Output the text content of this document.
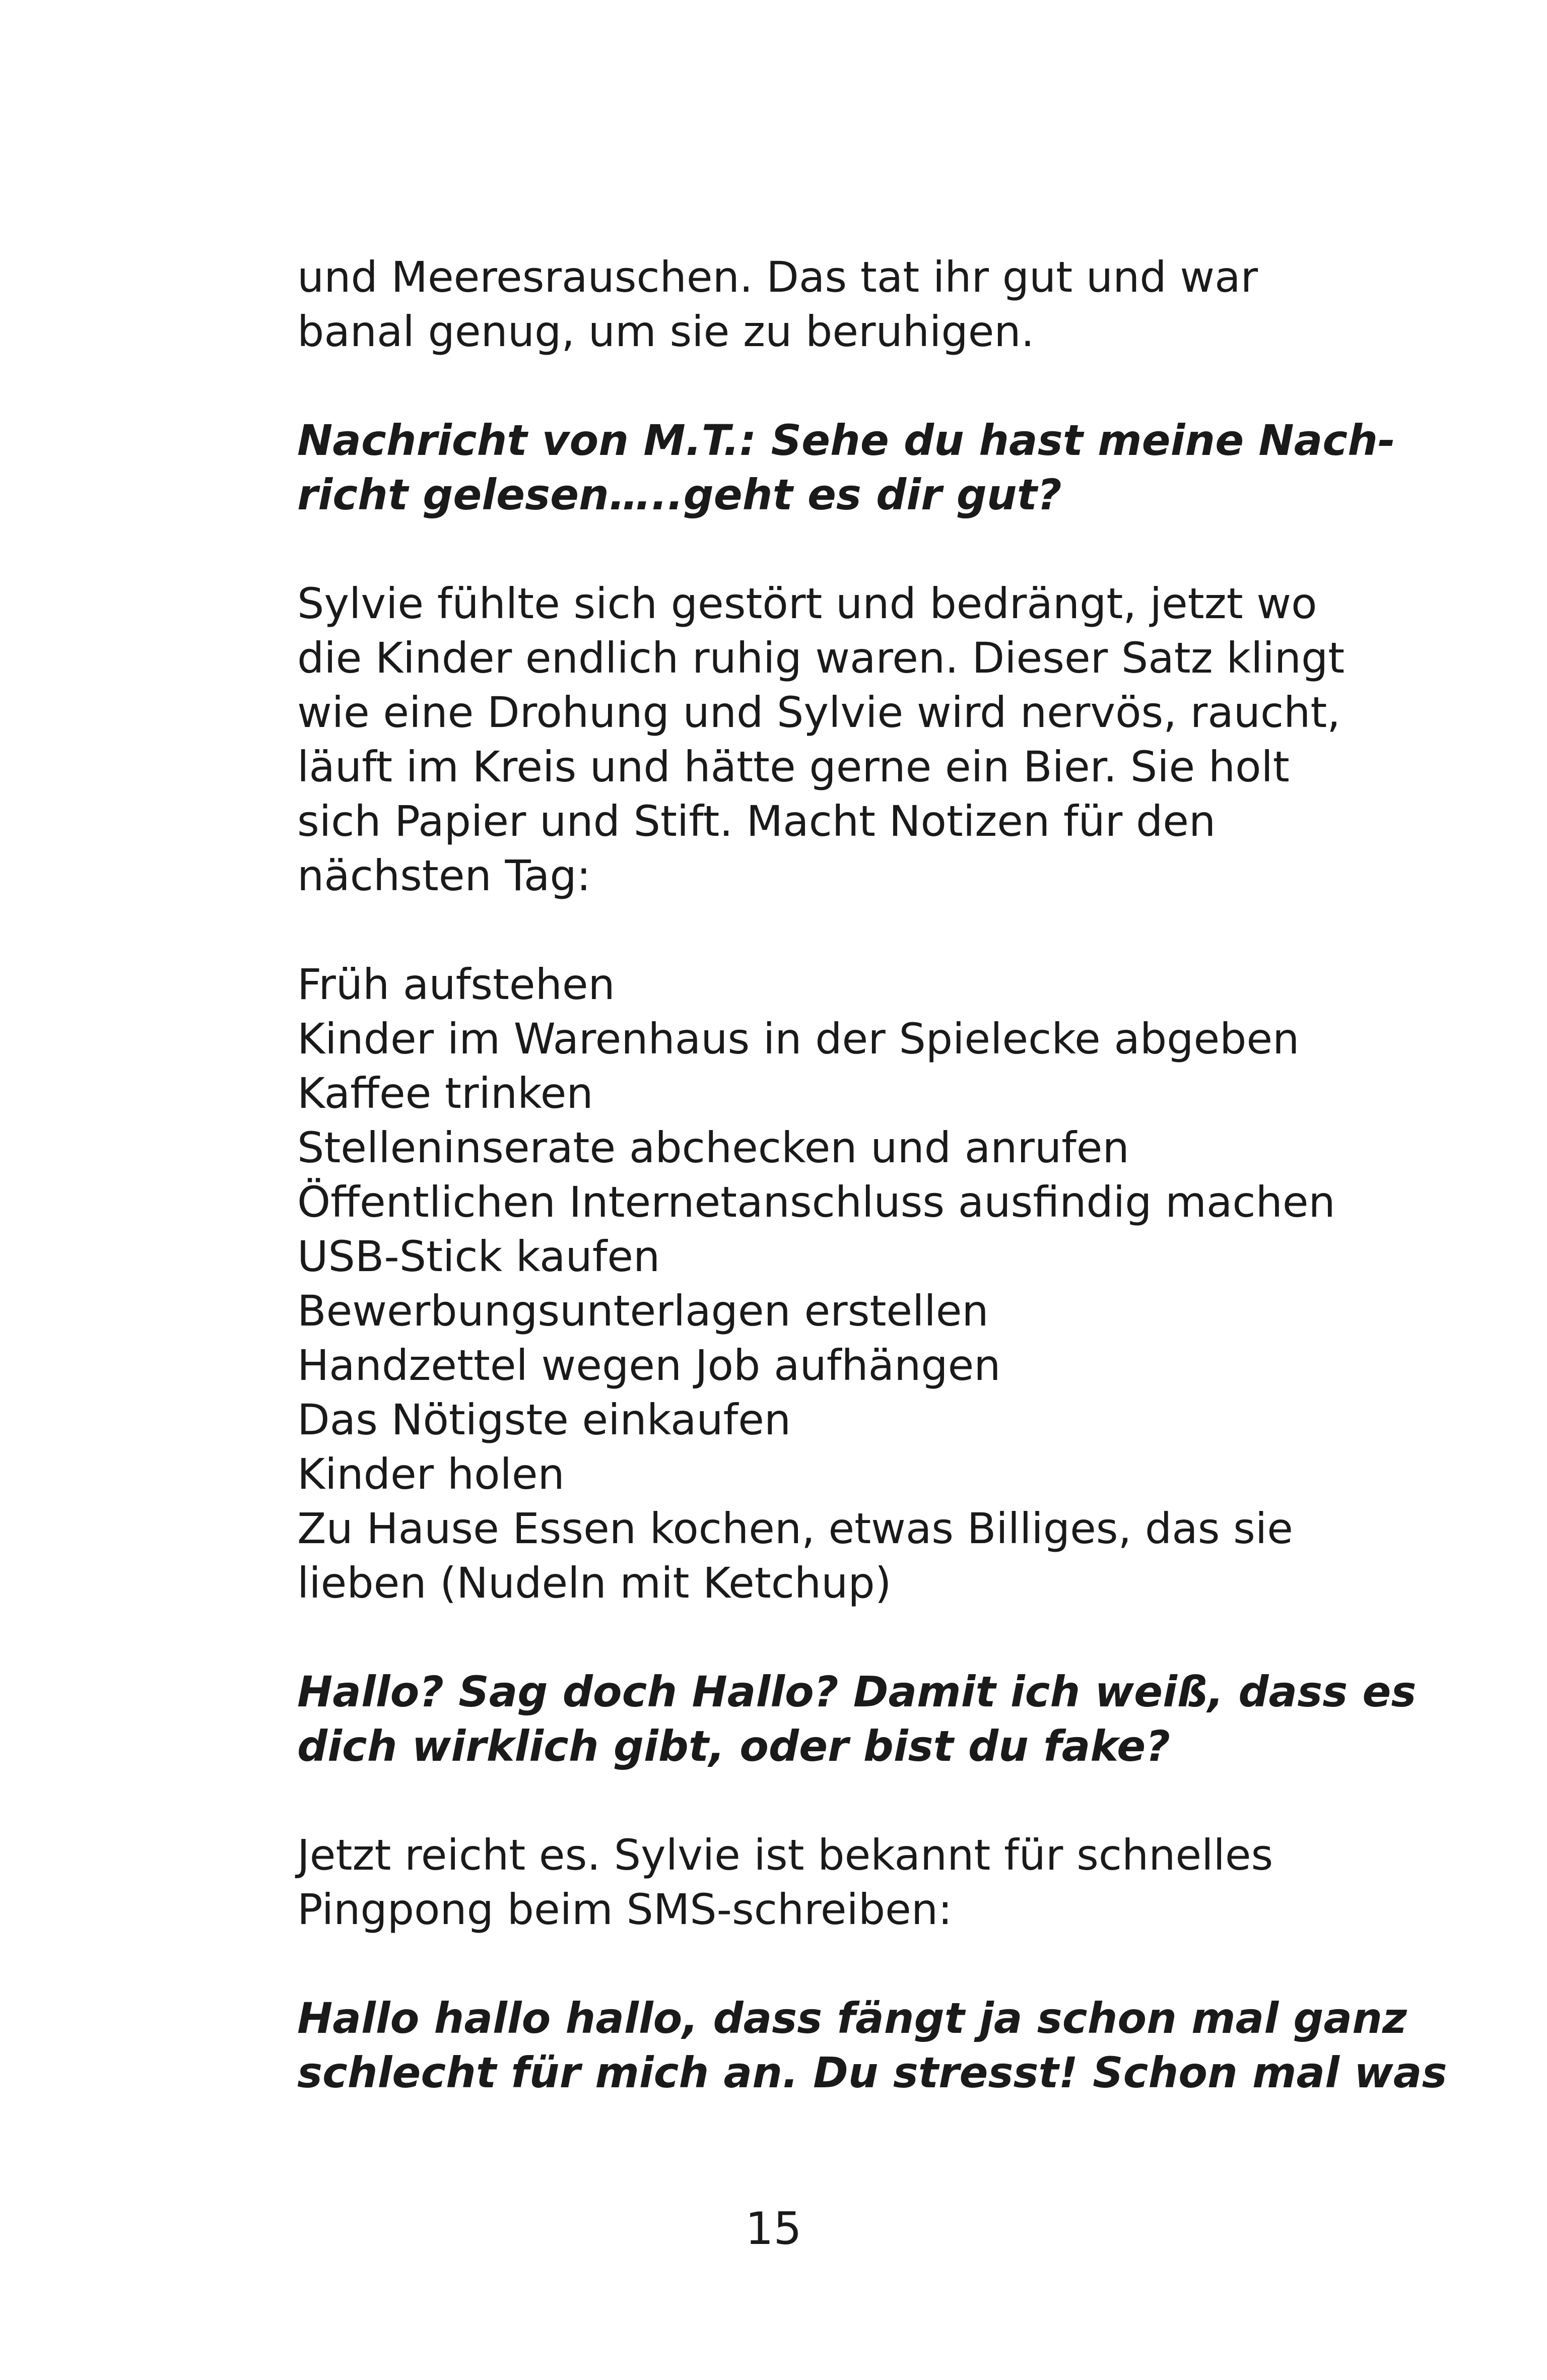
und Meeresrauschen. Das tat ihr gut und war
banal genug, um sie zu beruhigen.
Nachricht von M.T.: Sehe du hast meine Nach-
richt gelesen…..geht es dir gut?
Sylvie fühlte sich gestört und bedrängt, jetzt wo
die Kinder endlich ruhig waren. Dieser Satz klingt
wie eine Drohung und Sylvie wird nervös, raucht,
läuft im Kreis und hätte gerne ein Bier. Sie holt
sich Papier und Stift. Macht Notizen für den
nächsten Tag:
Früh aufstehen
Kinder im Warenhaus in der Spielecke abgeben
Kaffee trinken
Stelleninserate abchecken und anrufen
Öffentlichen Internetanschluss ausfindig machen
USB-Stick kaufen
Bewerbungsunterlagen erstellen
Handzettel wegen Job aufhängen
Das Nötigste einkaufen
Kinder holen
Zu Hause Essen kochen, etwas Billiges, das sie
lieben (Nudeln mit Ketchup)
Hallo? Sag doch Hallo? Damit ich weiß, dass es
dich wirklich gibt, oder bist du fake?
Jetzt reicht es. Sylvie ist bekannt für schnelles
Pingpong beim SMS-schreiben:
Hallo hallo hallo, dass fängt ja schon mal ganz
schlecht für mich an. Du stresst! Schon mal was
15
